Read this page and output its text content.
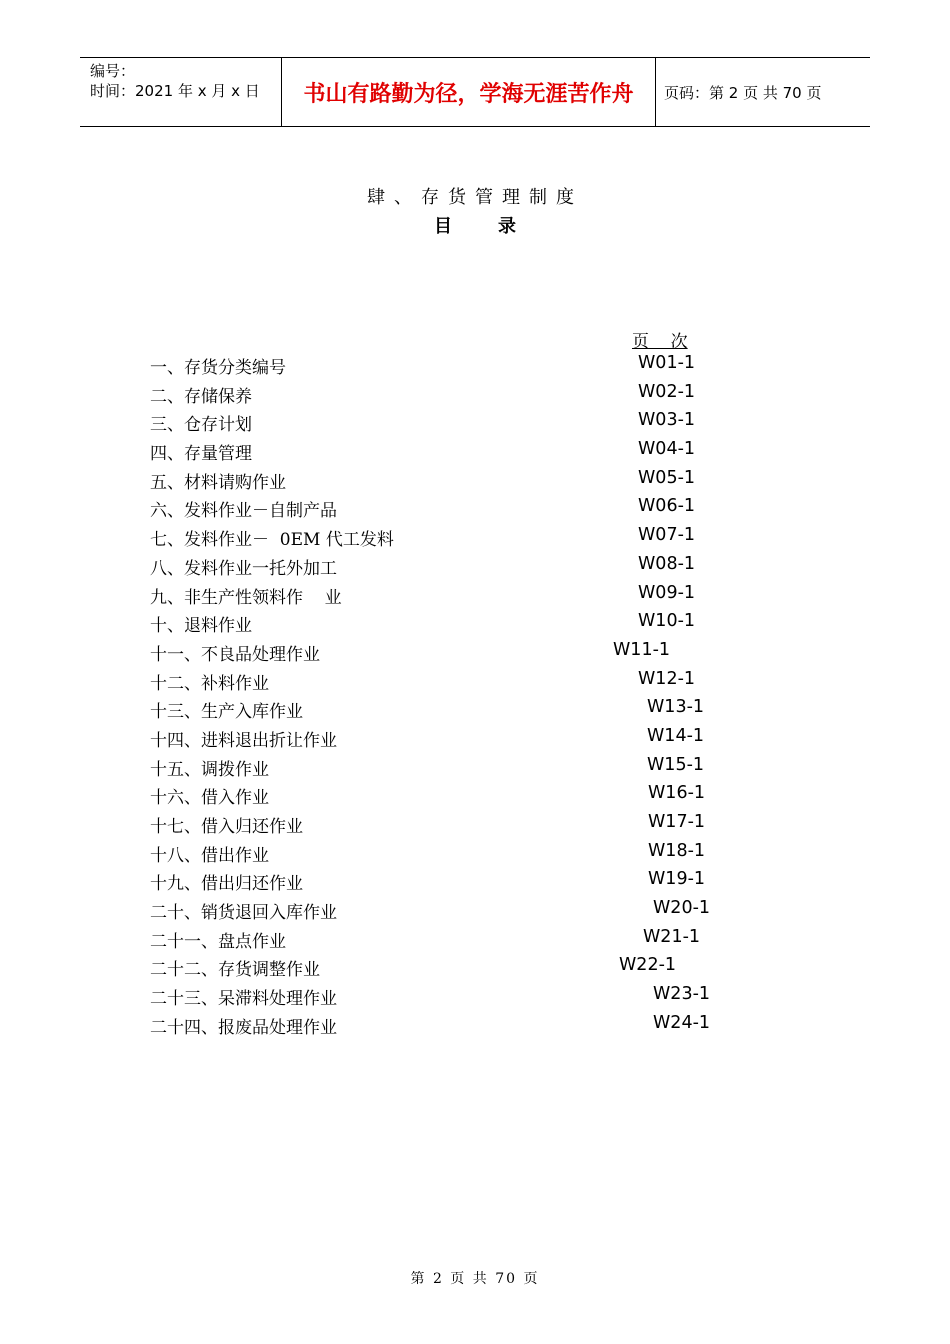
编号：
时间：2021 年 x 月 x 日	书山有路勤为径，学海无涯苦作舟	页码：第 2 页 共 70 页
肆、存货管理制度
目	录
页    次
一、存货分类编号	W01-1
二、存储保养	W02-1
三、仓存计划	W03-1
四、存量管理	W04-1
五、材料请购作业	W05-1
六、发料作业－自制产品	W06-1
七、发料作业－  0EM 代工发料	W07-1
八、发料作业一托外加工	W08-1
九、非生产性领料作    业	W09-1
十、退料作业	W10-1
十一、不良品处理作业	W11-1
十二、补料作业	W12-1
十三、生产入库作业	W13-1
十四、进料退出折让作业	W14-1
十五、调拨作业	W15-1
十六、借入作业	W16-1
十七、借入归还作业	W17-1
十八、借出作业	W18-1
十九、借出归还作业	W19-1
二十、销货退回入库作业	W20-1
二十一、盘点作业	W21-1
二十二、存货调整作业	W22-1
二十三、呆滞料处理作业	W23-1
二十四、报废品处理作业	W24-1
第 2 页 共 70 页
